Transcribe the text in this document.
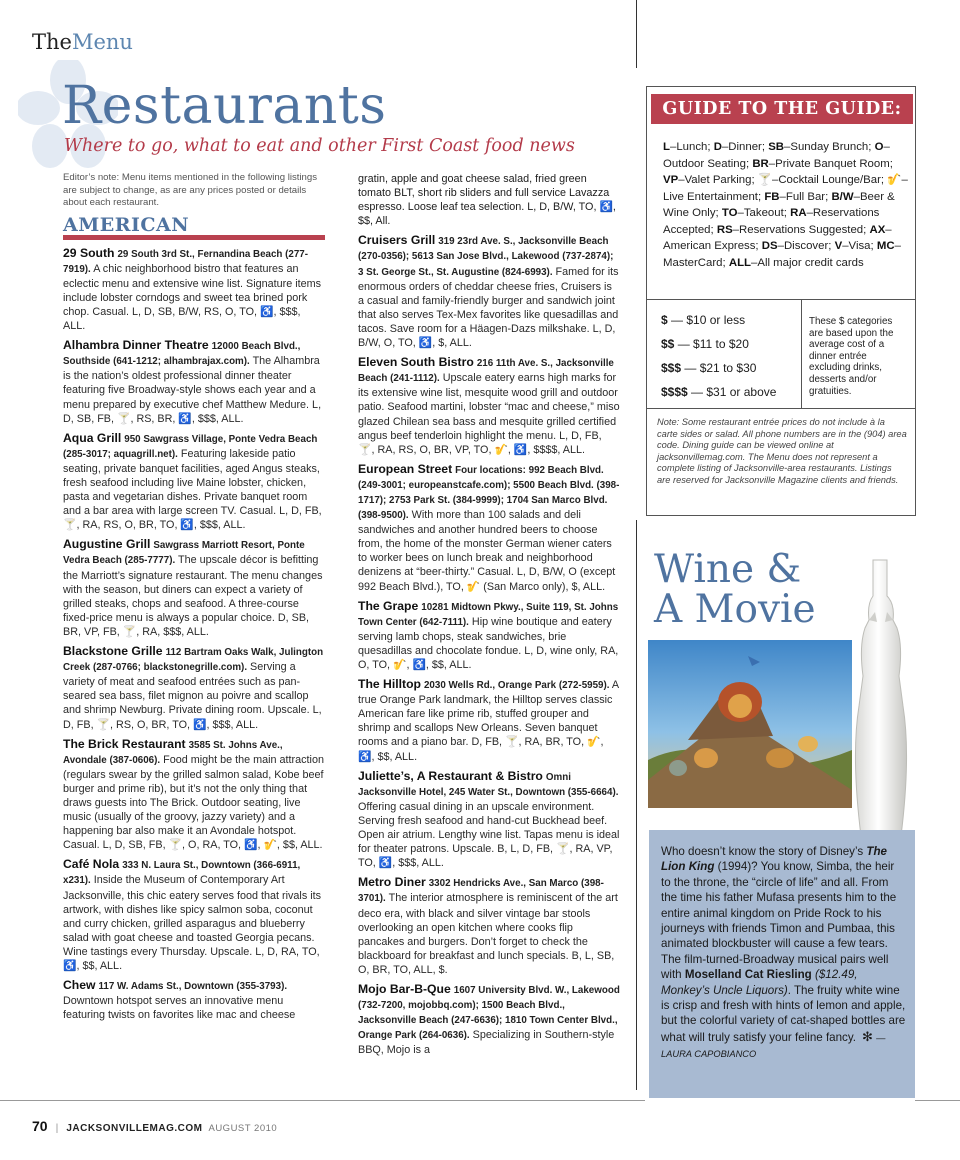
TheMenu
Restaurants
Where to go, what to eat and other First Coast food news
Editor’s note: Menu items mentioned in the following listings are subject to change, as are any prices posted or details about each restaurant.
AMERICAN
29 South 29 South 3rd St., Fernandina Beach (277-7919). A chic neighborhood bistro that features an eclectic menu and extensive wine list. Signature items include lobster corndogs and sweet tea brined pork chop. Casual. L, D, SB, B/W, RS, O, TO, ♿, $$$, ALL.
Alhambra Dinner Theatre 12000 Beach Blvd., Southside (641-1212; alhambrajax.com). The Alhambra is the nation’s oldest professional dinner theater featuring five Broadway-style shows each year and a menu prepared by executive chef Matthew Medure. L, D, SB, FB, 🍸, RS, BR, ♿, $$$, ALL.
Aqua Grill 950 Sawgrass Village, Ponte Vedra Beach (285-3017; aquagrill.net). Featuring lakeside patio seating, private banquet facilities, aged Angus steaks, fresh seafood including live Maine lobster, chicken, pasta and vegetarian dishes. Private banquet room and a bar area with large screen TV. Casual. L, D, FB, 🍸, RA, RS, O, BR, TO, ♿, $$$, ALL.
Augustine Grill Sawgrass Marriott Resort, Ponte Vedra Beach (285-7777). The upscale décor is befitting the Marriott’s signature restaurant. The menu changes with the season, but diners can expect a variety of grilled steaks, chops and seafood. A three-course fixed-price menu is always a popular choice. D, SB, BR, VP, FB, 🍸, RA, $$$, ALL.
Blackstone Grille 112 Bartram Oaks Walk, Julington Creek (287-0766; blackstonegrille.com). Serving a variety of meat and seafood entrées such as pan-seared sea bass, filet mignon au poivre and scallop and shrimp Newburg. Private dining room. Upscale. L, D, FB, 🍸, RS, O, BR, TO, ♿, $$$, ALL.
The Brick Restaurant 3585 St. Johns Ave., Avondale (387-0606). Food might be the main attraction (regulars swear by the grilled salmon salad, Kobe beef burger and prime rib), but it’s not the only thing that draws guests into The Brick. Outdoor seating, live music (usually of the groovy, jazzy variety) and a happening bar also make it an Avondale hotspot. Casual. L, D, SB, FB, 🍸, O, RA, TO, ♿, 🎷, $$, ALL.
Café Nola 333 N. Laura St., Downtown (366-6911, x231). Inside the Museum of Contemporary Art Jacksonville, this chic eatery serves food that rivals its artwork, with dishes like spicy salmon soba, coconut and curry chicken, grilled asparagus and blueberry salad with goat cheese and toasted Georgia pecans. Wine tastings every Thursday. Upscale. L, D, RA, TO, ♿, $$, ALL.
Chew 117 W. Adams St., Downtown (355-3793). Downtown hotspot serves an innovative menu featuring twists on favorites like mac and cheese
gratin, apple and goat cheese salad, fried green tomato BLT, short rib sliders and full service Lavazza espresso. Loose leaf tea selection. L, D, B/W, TO, ♿, $$, All.
Cruisers Grill 319 23rd Ave. S., Jacksonville Beach (270-0356); 5613 San Jose Blvd., Lakewood (737-2874); 3 St. George St., St. Augustine (824-6993). Famed for its enormous orders of cheddar cheese fries, Cruisers is a casual and family-friendly burger and sandwich joint that also serves Tex-Mex favorites like quesadillas and tacos. Save room for a Häagen-Dazs milkshake. L, D, B/W, O, TO, ♿, $, ALL.
Eleven South Bistro 216 11th Ave. S., Jacksonville Beach (241-1112). Upscale eatery earns high marks for its extensive wine list, mesquite wood grill and outdoor patio. Seafood martini, lobster “mac and cheese,” miso glazed Chilean sea bass and mesquite grilled certified angus beef tenderloin highlight the menu. L, D, FB, 🍸, RA, RS, O, BR, VP, TO, 🎷, ♿, $$$$, ALL.
European Street Four locations: 992 Beach Blvd. (249-3001; europeanstcafe.com); 5500 Beach Blvd. (398-1717); 2753 Park St. (384-9999); 1704 San Marco Blvd. (398-9500). With more than 100 salads and deli sandwiches and another hundred beers to choose from, the home of the monster German wiener caters to worker bees on lunch break and neighborhood denizens at “beer-thirty.” Casual. L, D, B/W, O (except 992 Beach Blvd.), TO, 🎷 (San Marco only), $, ALL.
The Grape 10281 Midtown Pkwy., Suite 119, St. Johns Town Center (642-7111). Hip wine boutique and eatery serving lamb chops, steak sandwiches, brie quesadillas and chocolate fondue. L, D, wine only, RA, O, TO, 🎷, ♿, $$, ALL.
The Hilltop 2030 Wells Rd., Orange Park (272-5959). A true Orange Park landmark, the Hilltop serves classic American fare like prime rib, stuffed grouper and shrimp and scallops New Orleans. Seven banquet rooms and a piano bar. D, FB, 🍸, RA, BR, TO, 🎷, ♿, $$, ALL.
Juliette’s, A Restaurant & Bistro Omni Jacksonville Hotel, 245 Water St., Downtown (355-6664). Offering casual dining in an upscale environment. Serving fresh seafood and hand-cut Buckhead beef. Open air atrium. Lengthy wine list. Tapas menu is ideal for theater patrons. Upscale. B, L, D, FB, 🍸, RA, VP, TO, ♿, $$$, ALL.
Metro Diner 3302 Hendricks Ave., San Marco (398-3701). The interior atmosphere is reminiscent of the art deco era, with black and silver vintage bar stools overlooking an open kitchen where cooks flip pancakes and burgers. Don’t forget to check the blackboard for breakfast and lunch specials. B, L, SB, O, BR, TO, ALL, $.
Mojo Bar-B-Que 1607 University Blvd. W., Lakewood (732-7200, mojobbq.com); 1500 Beach Blvd., Jacksonville Beach (247-6636); 1810 Town Center Blvd., Orange Park (264-0636). Specializing in Southern-style BBQ, Mojo is a
GUIDE TO THE GUIDE:
L–Lunch; D–Dinner; SB–Sunday Brunch; O–Outdoor Seating; BR–Private Banquet Room; VP–Valet Parking; 🍸–Cocktail Lounge/Bar; 🎷–Live Entertainment; FB–Full Bar; B/W–Beer & Wine Only; TO–Takeout; RA–Reservations Accepted; RS–Reservations Suggested; AX–American Express; DS–Discover; V–Visa; MC–MasterCard; ALL–All major credit cards
$ — $10 or less
$$ — $11 to $20
$$$ — $21 to $30
$$$$ — $31 or above
These $ categories are based upon the average cost of a dinner entrée excluding drinks, desserts and/or gratuities.
Note: Some restaurant entrée prices do not include à la carte sides or salad. All phone numbers are in the (904) area code. Dining guide can be viewed online at jacksonvillemag.com. The Menu does not represent a complete listing of Jacksonville-area restaurants. Listings are reserved for Jacksonville Magazine clients and friends.
Wine &
A Movie
Who doesn’t know the story of Disney’s The Lion King (1994)? You know, Simba, the heir to the throne, the “circle of life” and all. From the time his father Mufasa presents him to the entire animal kingdom on Pride Rock to his journeys with friends Timon and Pumbaa, this animated blockbuster will cause a few tears. The film-turned-Broadway musical pairs well with Moselland Cat Riesling ($12.49, Monkey’s Uncle Liquors). The fruity white wine is crisp and fresh with hints of lemon and apple, but the colorful variety of cat-shaped bottles are what will truly satisfy your feline fancy. ✻ —LAURA CAPOBIANCO
70 | JACKSONVILLEMAG.COM AUGUST 2010
